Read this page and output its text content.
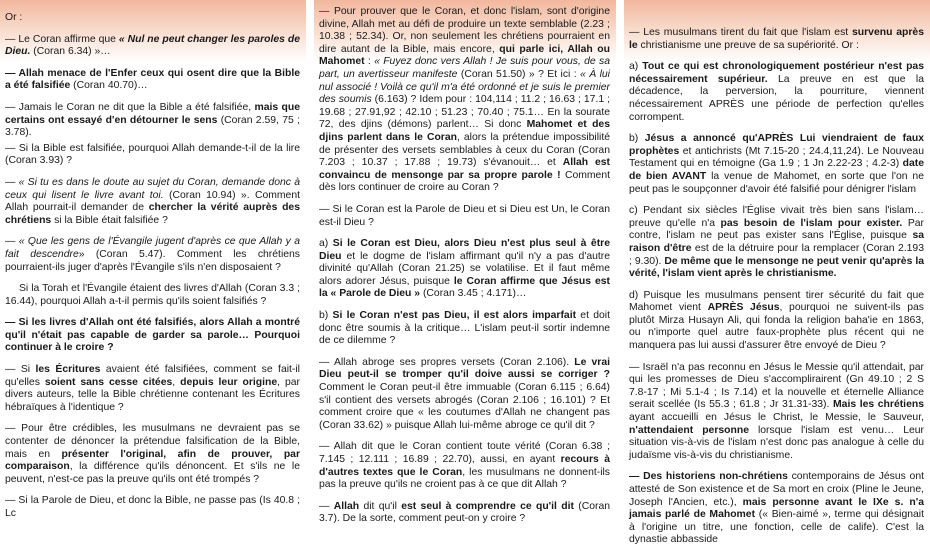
Or :

— Le Coran affirme que « Nul ne peut changer les paroles de Dieu. (Coran 6.34) »…

— Allah menace de l'Enfer ceux qui osent dire que la Bible a été falsifiée (Coran 40.70)…

— Jamais le Coran ne dit que la Bible a été falsifiée, mais que certains ont essayé d'en détourner le sens (Coran 2.59, 75 ; 3.78).

— Si la Bible est falsifiée, pourquoi Allah demande-t-il de la lire (Coran 3.93) ?

— « Si tu es dans le doute au sujet du Coran, demande donc à ceux qui lisent le livre avant toi. (Coran 10.94) ». Comment Allah pourrait-il demander de chercher la vérité auprès des chrétiens si la Bible était falsifiée ?

— « Que les gens de l'Évangile jugent d'après ce que Allah y a fait descendre» (Coran 5.47). Comment les chrétiens pourraient-ils juger d'après l'Évangile s'ils n'en disposaient ?

Si la Torah et l'Évangile étaient des livres d'Allah (Coran 3.3 ; 16.44), pourquoi Allah a-t-il permis qu'ils soient falsifiés ?

— Si les livres d'Allah ont été falsifiés, alors Allah a montré qu'il n'était pas capable de garder sa parole… Pourquoi continuer à le croire ?

— Si les Écritures avaient été falsifiées, comment se fait-il qu'elles soient sans cesse citées, depuis leur origine, par divers auteurs, telle la Bible chrétienne contenant les Écritures hébraïques à l'identique ?

— Pour être crédibles, les musulmans ne devraient pas se contenter de dénoncer la prétendue falsification de la Bible, mais en présenter l'original, afin de prouver, par comparaison, la différence qu'ils dénoncent. Et s'ils ne le peuvent, n'est-ce pas la preuve qu'ils ont été trompés ?

— Si la Parole de Dieu, et donc la Bible, ne passe pas (Is 40.8 ; Lc

— Pour prouver que le Coran, et donc l'islam, sont d'origine divine, Allah met au défi de produire un texte semblable (2.23 ; 10.38 ; 52.34). Or, non seulement les chrétiens pourraient en dire autant de la Bible, mais encore, qui parle ici, Allah ou Mahomet : « Fuyez donc vers Allah ! Je suis pour vous, de sa part, un avertisseur manifeste (Coran 51.50) » ? Et ici : « À lui nul associé ! Voilà ce qu'il m'a été ordonné et je suis le premier des soumis (6.163) ? Idem pour : 104,114 ; 11.2 ; 16.63 ; 17.1 ; 19.68 ; 27.91,92 ; 42.10 ; 51.23 ; 70.40 ; 75.1… En la sourate 72, des djins (démons) parlent… Si donc Mahomet et des djins parlent dans le Coran, alors la prétendue impossibilité de présenter des versets semblables à ceux du Coran (Coran 7.203 ; 10.37 ; 17.88 ; 19.73) s'évanouit… et Allah est convaincu de mensonge par sa propre parole ! Comment dès lors continuer de croire au Coran ?

— Si le Coran est la Parole de Dieu et si Dieu est Un, le Coran est-il Dieu ?

a) Si le Coran est Dieu, alors Dieu n'est plus seul à être Dieu et le dogme de l'islam affirmant qu'il n'y a pas d'autre divinité qu'Allah (Coran 21.25) se volatilise. Et il faut même alors adorer Jésus, puisque le Coran affirme que Jésus est la « Parole de Dieu » (Coran 3.45 ; 4.171)…

b) Si le Coran n'est pas Dieu, il est alors imparfait et doit donc être soumis à la critique… L'islam peut-il sortir indemne de ce dilemme ?

— Allah abroge ses propres versets (Coran 2.106). Le vrai Dieu peut-il se tromper qu'il doive aussi se corriger ? Comment le Coran peut-il être immuable (Coran 6.115 ; 6.64) s'il contient des versets abrogés (Coran 2.106 ; 16.101) ? Et comment croire que « les coutumes d'Allah ne changent pas (Coran 33.62) » puisque Allah lui-même abroge ce qu'il dit ?

— Allah dit que le Coran contient toute vérité (Coran 6.38 ; 7.145 ; 12.111 ; 16.89 ; 22.70), aussi, en ayant recours à d'autres textes que le Coran, les musulmans ne donnent-ils pas la preuve qu'ils ne croient pas à ce que dit Allah ?

— Allah dit qu'il est seul à comprendre ce qu'il dit (Coran 3.7). De la sorte, comment peut-on y croire ?

— Les musulmans tirent du fait que l'islam est survenu après le christianisme une preuve de sa supériorité. Or :

a) Tout ce qui est chronologiquement postérieur n'est pas nécessairement supérieur. La preuve en est que la décadence, la perversion, la pourriture, viennent nécessairement APRÈS une période de perfection qu'elles corrompent.

b) Jésus a annoncé qu'APRÈS Lui viendraient de faux prophètes et antichrists (Mt 7.15-20 ; 24.4,11,24). Le Nouveau Testament qui en témoigne (Ga 1.9 ; 1 Jn 2.22-23 ; 4.2-3) date de bien AVANT la venue de Mahomet, en sorte que l'on ne peut pas le soupçonner d'avoir été falsifié pour dénigrer l'islam

c) Pendant six siècles l'Église vivait très bien sans l'islam… preuve qu'elle n'a pas besoin de l'islam pour exister. Par contre, l'islam ne peut pas exister sans l'Église, puisque sa raison d'être est de la détruire pour la remplacer (Coran 2.193 ; 9.30). De même que le mensonge ne peut venir qu'après la vérité, l'islam vient après le christianisme.

d) Puisque les musulmans pensent tirer sécurité du fait que Mahomet vient APRÈS Jésus, pourquoi ne suivent-ils pas plutôt Mirza Husayn Ali, qui fonda la religion baha'ie en 1863, ou n'importe quel autre faux-prophète plus récent qui ne manquera pas lui aussi d'assurer être envoyé de Dieu ?

— Israël n'a pas reconnu en Jésus le Messie qu'il attendait, par qui les promesses de Dieu s'accomplirairent (Gn 49.10 ; 2 S 7.8-17 ; Mi 5.1-4 ; Is 7.14) et la nouvelle et éternelle Alliance serait scellée (Is 55.3 ; 61.8 ; Jr 31.31-33). Mais les chrétiens ayant accueilli en Jésus le Christ, le Messie, le Sauveur, n'attendaient personne lorsque l'islam est venu… Leur situation vis-à-vis de l'islam n'est donc pas analogue à celle du judaïsme vis-à-vis du christianisme.

— Des historiens non-chrétiens contemporains de Jésus ont attesté de Son existence et de Sa mort en croix (Pline le Jeune, Joseph l'Ancien, etc.), mais personne avant le IXe s. n'a jamais parlé de Mahomet (« Bien-aimé », terme qui désignait à l'origine un titre, une fonction, celle de calife). C'est la dynastie abbasside
